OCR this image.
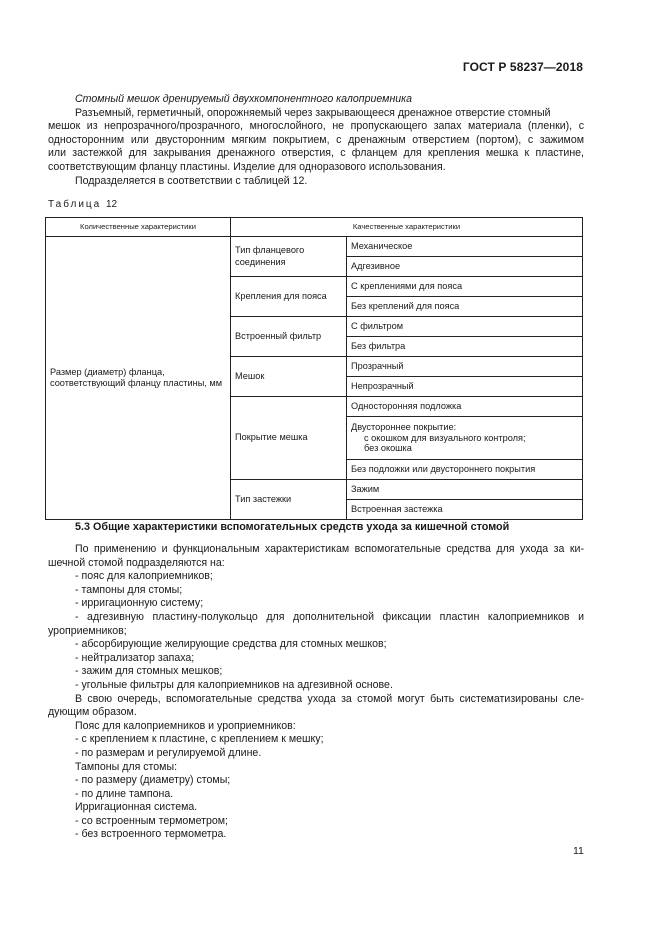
ГОСТ Р 58237—2018
Стомный мешок дренируемый двухкомпонентного калоприемника
Разъемный, герметичный, опорожняемый через закрывающееся дренажное отверстие стомный
мешок из непрозрачного/прозрачного, многослойного, не пропускающего запах материала (пленки), с
односторонним или двусторонним мягким покрытием, с дренажным отверстием (портом), с зажимом
или застежкой для закрывания дренажного отверстия, с фланцем для крепления мешка к пластине,
соответствующим фланцу пластины. Изделие для одноразового использования.
Подразделяется в соответствии с таблицей 12.
Таблица 12
Количественные характеристики	Качественные характеристики	
Размер (диаметр) фланца, соответствующий фланцу пластины, мм	Тип фланцевого соединения	Механическое
		Адгезивное
	Крепления для пояса	С креплениями для пояса
		Без креплений для пояса
	Встроенный фильтр	С фильтром
		Без фильтра
	Мешок	Прозрачный
		Непрозрачный
	Покрытие мешка	Односторонняя подложка

		Двустороннее покрытие:
с окошком для визуального контроля;
без окошка

		Без подложки или двустороннего покрытия
	Тип застежки	Зажим
		Встроенная застежка
5.3 Общие характеристики вспомогательных средств ухода за кишечной стомой
По применению и функциональным характеристикам вспомогательные средства для ухода за ки-
шечной стомой подразделяются на:
- пояс для калоприемников;
- тампоны для стомы;
- ирригационную систему;
- адгезивную пластину-полукольцо для дополнительной фиксации пластин калоприемников и
уроприемников;
- абсорбирующие желирующие средства для стомных мешков;
- нейтрализатор запаха;
- зажим для стомных мешков;
- угольные фильтры для калоприемников на адгезивной основе.
В свою очередь, вспомогательные средства ухода за стомой могут быть систематизированы сле-
дующим образом.
Пояс для калоприемников и уроприемников:
- с креплением к пластине, с креплением к мешку;
- по размерам и регулируемой длине.
Тампоны для стомы:
- по размеру (диаметру) стомы;
- по длине тампона.
Ирригационная система.
- со встроенным термометром;
- без встроенного термометра.
11
